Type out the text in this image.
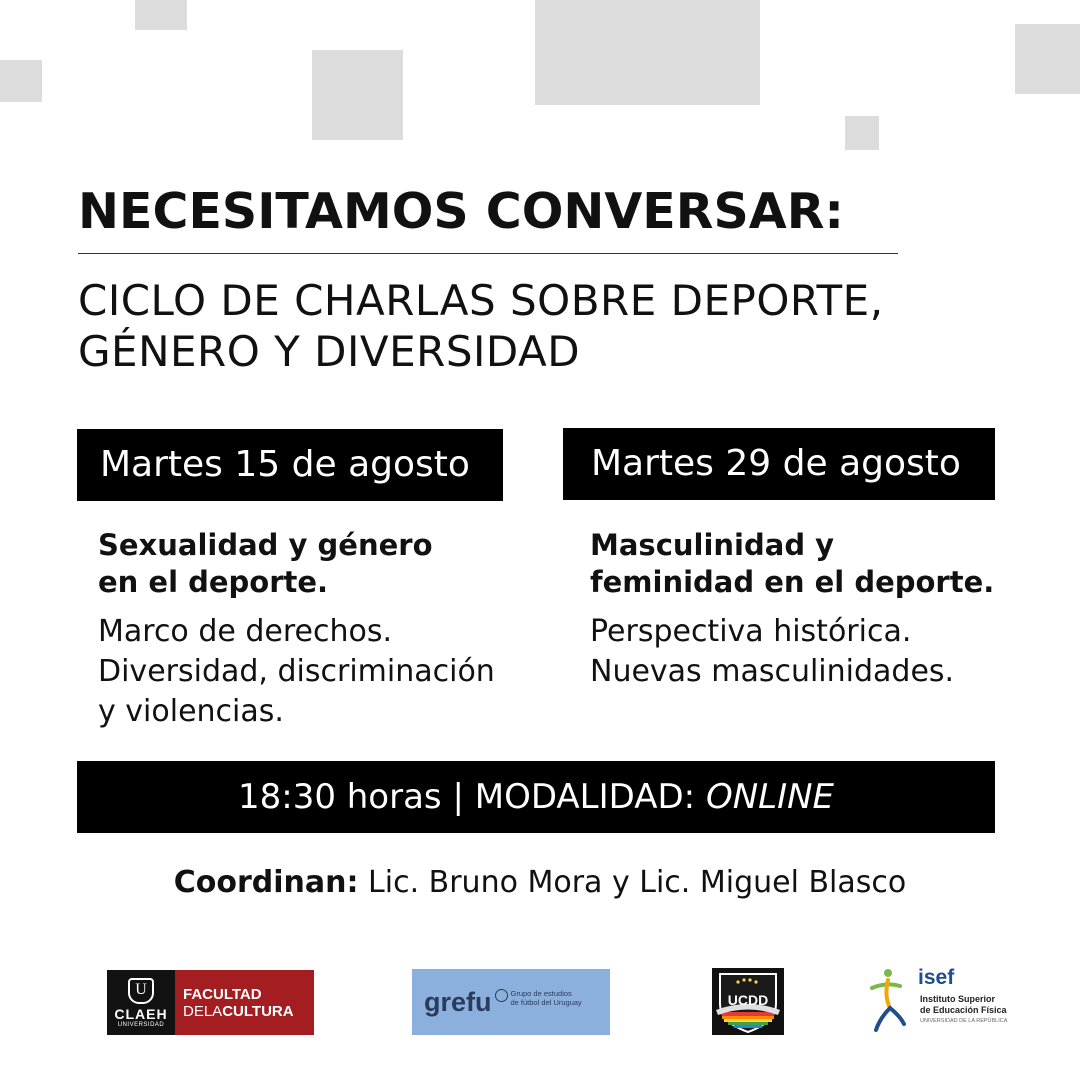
NECESITAMOS CONVERSAR:
CICLO DE CHARLAS SOBRE DEPORTE,
GÉNERO Y DIVERSIDAD
Martes 15 de agosto
Sexualidad y género
en el deporte.
Marco de derechos.
Diversidad, discriminación
y violencias.
Martes 29 de agosto
Masculinidad y
feminidad en el deporte.
Perspectiva histórica.
Nuevas masculinidades.
18:30 horas | MODALIDAD: ONLINE
Coordinan: Lic. Bruno Mora y Lic. Miguel Blasco
U
CLAEH
UNIVERSIDAD
FACULTAD
DELACULTURA	grefu	Grupo de estudios
de fútbol del Uruguay	UCDD
isef
Instituto Superior
de Educación Física
UNIVERSIDAD DE LA REPÚBLICA
